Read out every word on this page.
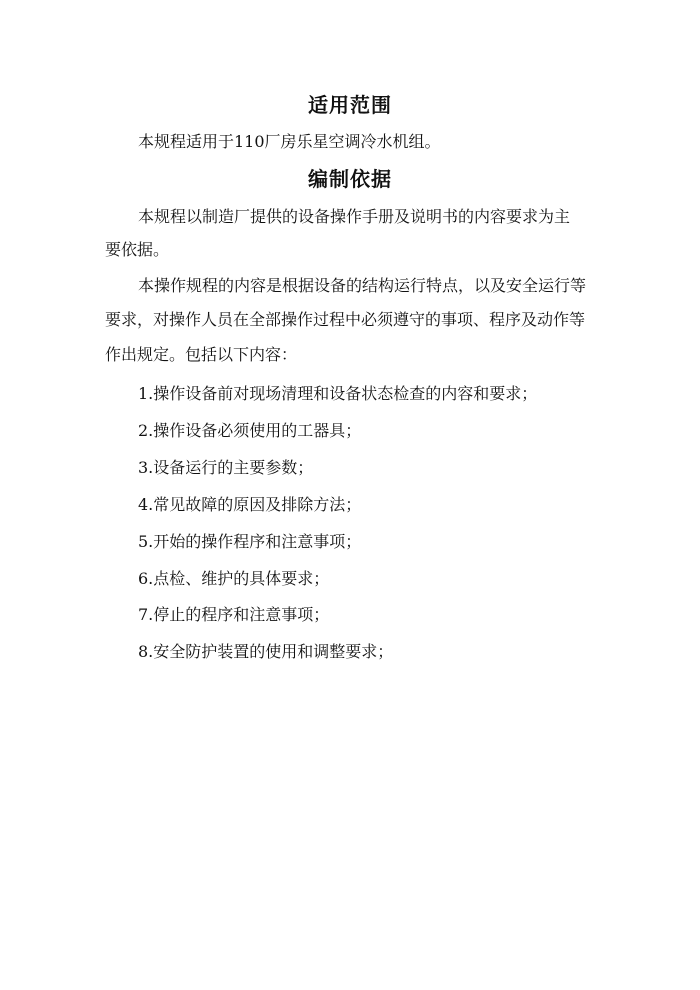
适用范围
本规程适用于110厂房乐星空调冷水机组。
编制依据
本规程以制造厂提供的设备操作手册及说明书的内容要求为主
要依据。
本操作规程的内容是根据设备的结构运行特点，以及安全运行等
要求，对操作人员在全部操作过程中必须遵守的事项、程序及动作等
作出规定。包括以下内容：
1.操作设备前对现场清理和设备状态检查的内容和要求；
2.操作设备必须使用的工器具；
3.设备运行的主要参数；
4.常见故障的原因及排除方法；
5.开始的操作程序和注意事项；
6.点检、维护的具体要求；
7.停止的程序和注意事项；
8.安全防护装置的使用和调整要求；
